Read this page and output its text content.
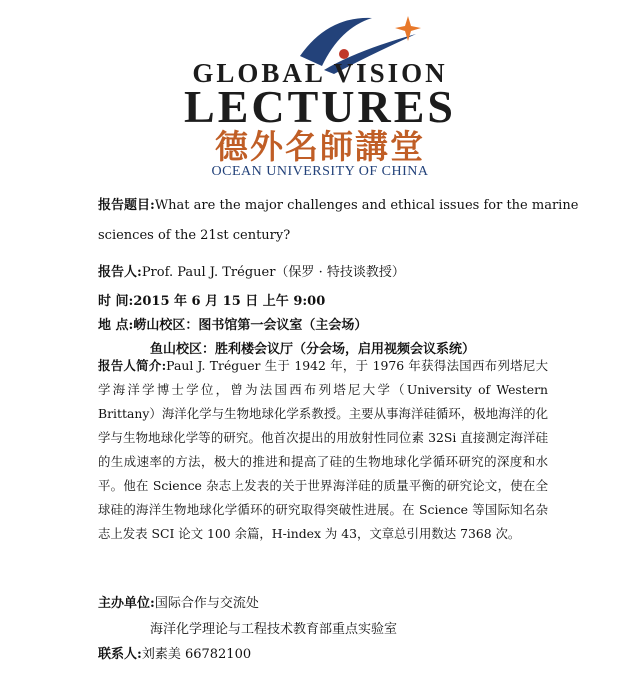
GLOBAL VISION
LECTURES
德外名師講堂
OCEAN UNIVERSITY OF CHINA
报告题目:What are the major challenges and ethical issues for the marine
sciences of the 21st century?
报告人:Prof. Paul J. Tréguer（保罗 · 特技谈教授）
时 间:2015 年 6 月 15 日 上午 9:00
地 点:崂山校区：图书馆第一会议室（主会场）
鱼山校区：胜利楼会议厅（分会场，启用视频会议系统）
报告人简介:Paul J. Tréguer 生于 1942 年，于 1976 年获得法国西布列塔尼大学海洋学博士学位，曾为法国西布列塔尼大学（University of Western Brittany）海洋化学与生物地球化学系教授。主要从事海洋硅循环，极地海洋的化学与生物地球化学等的研究。他首次提出的用放射性同位素 32Si 直接测定海洋硅的生成速率的方法，极大的推进和提高了硅的生物地球化学循环研究的深度和水平。他在 Science 杂志上发表的关于世界海洋硅的质量平衡的研究论文，使在全球硅的海洋生物地球化学循环的研究取得突破性进展。在 Science 等国际知名杂志上发表 SCI 论文 100 余篇，H-index 为 43，文章总引用数达 7368 次。
主办单位:国际合作与交流处
海洋化学理论与工程技术教育部重点实验室
联系人:刘素美 66782100
